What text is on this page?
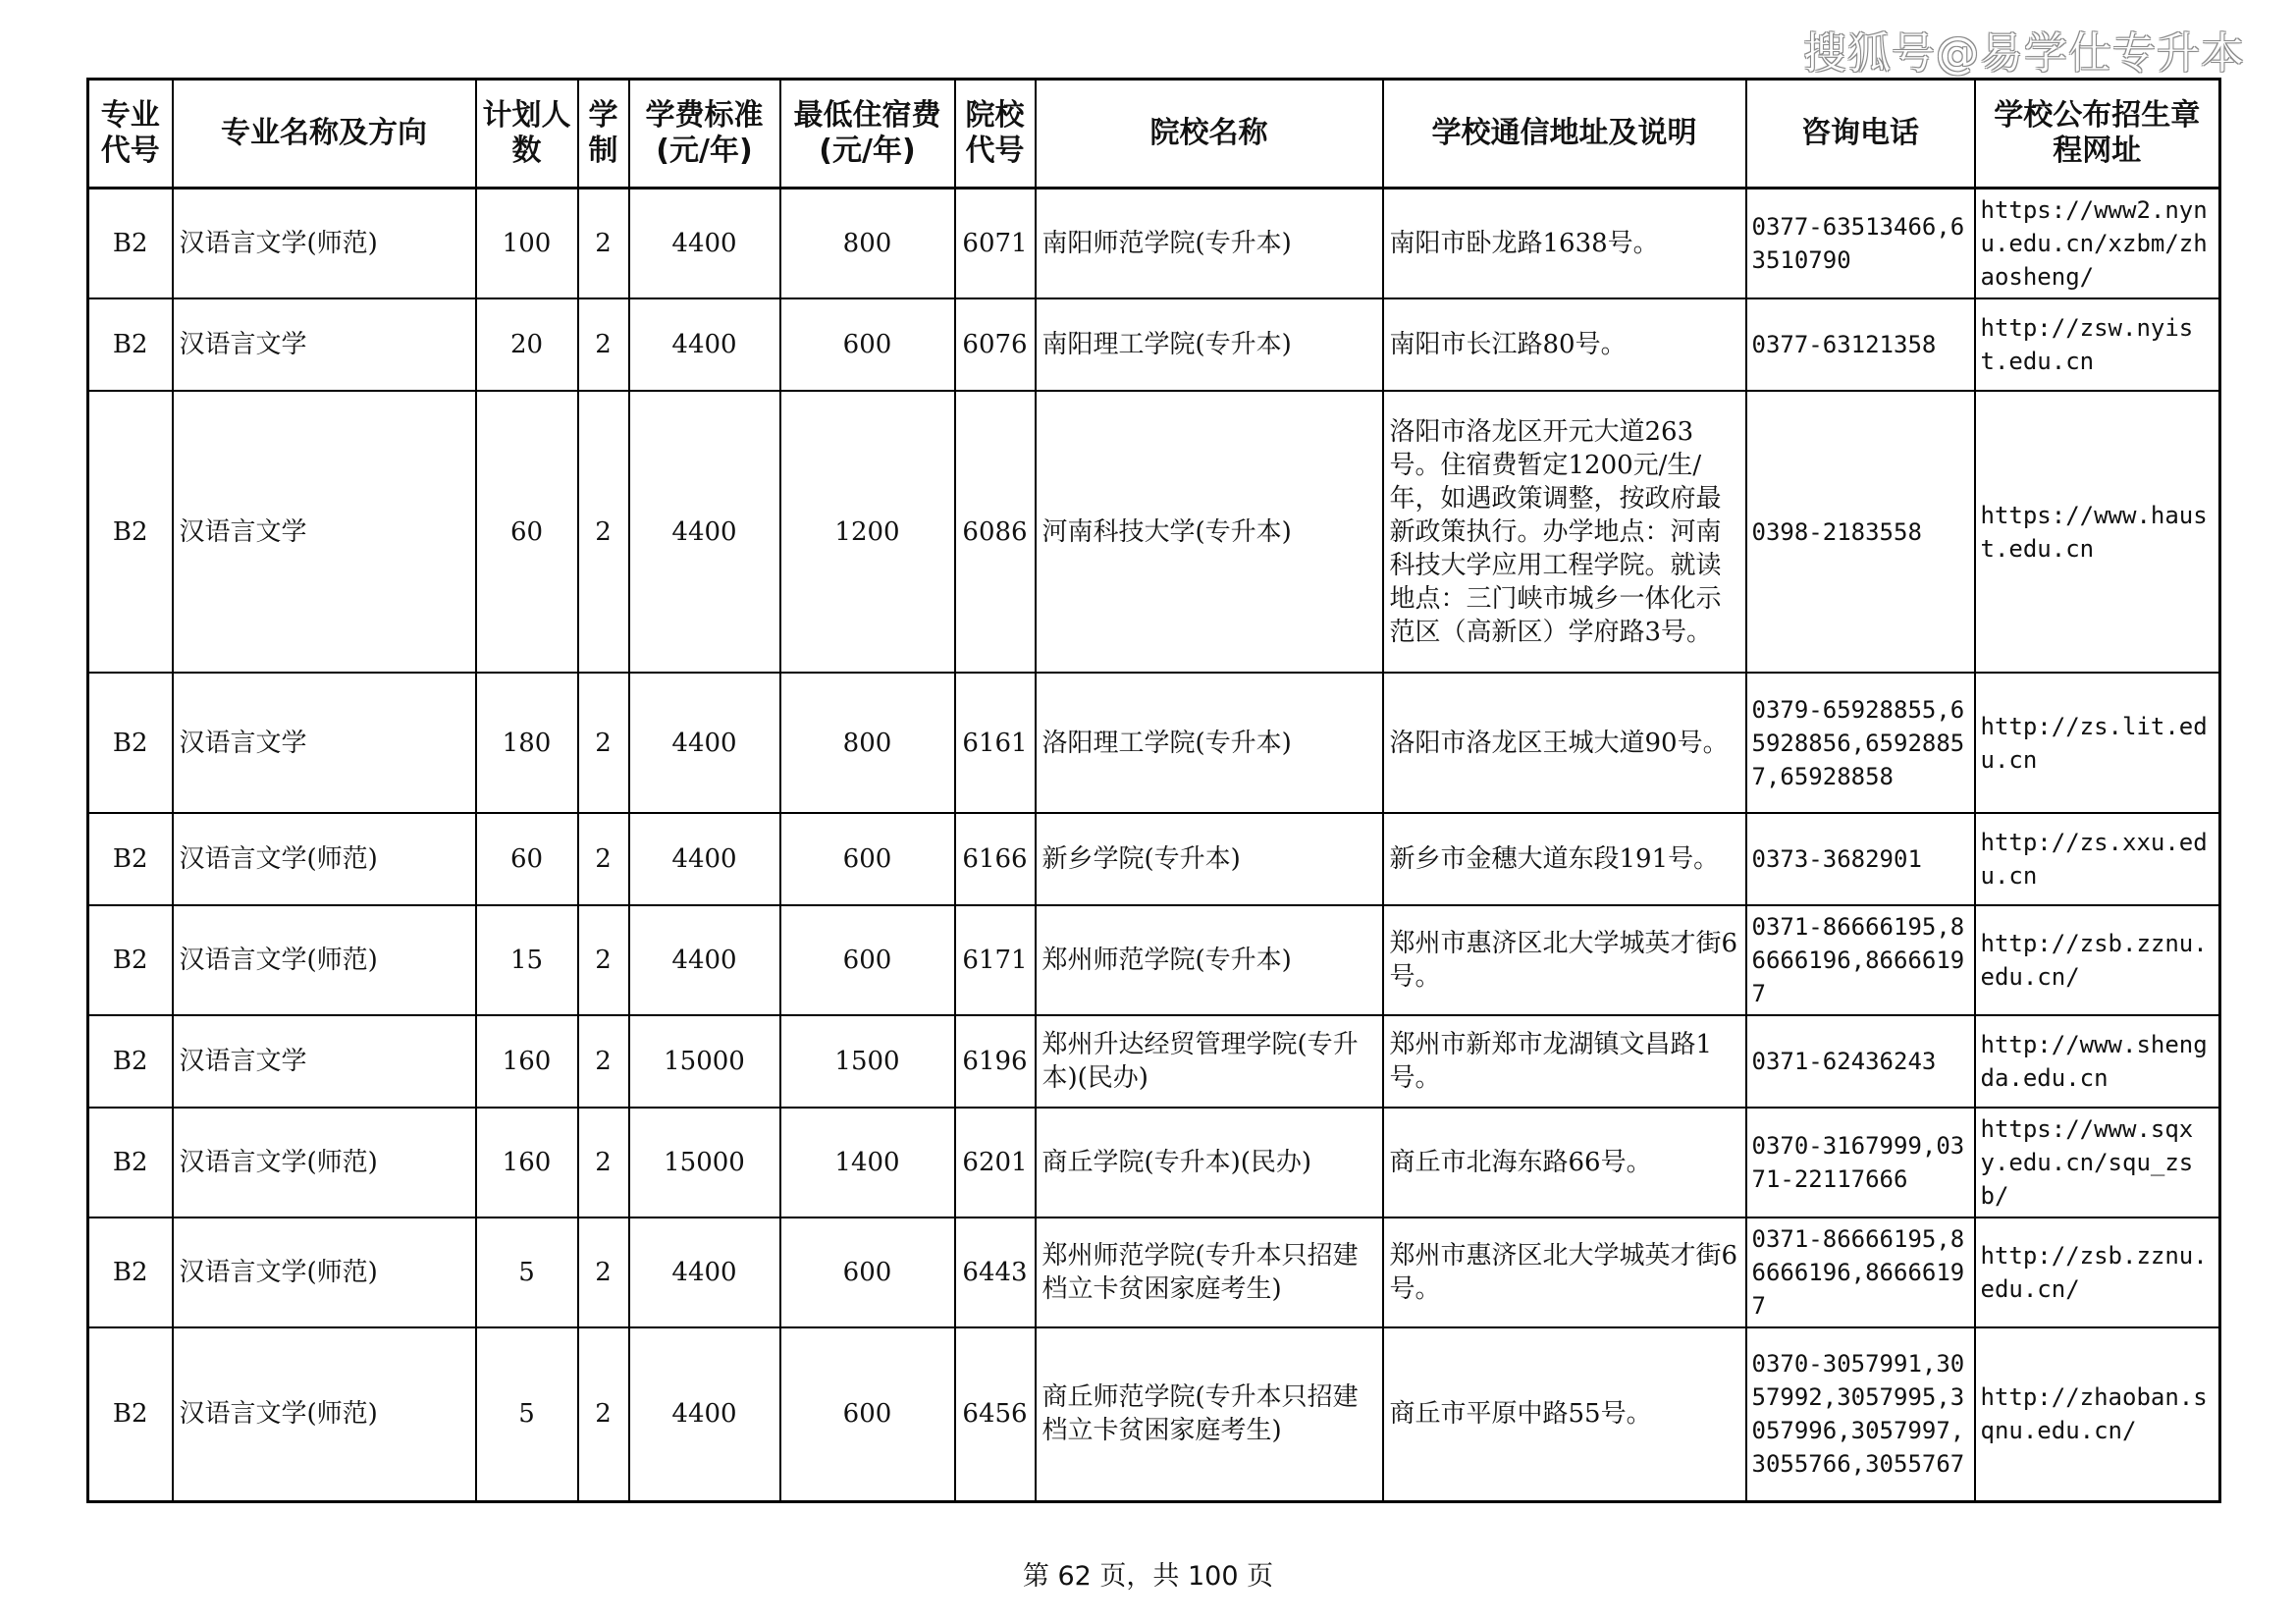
搜狐号@易学仕专升本
专业代号	专业名称及方向	计划人数	学制	学费标准(元/年)	最低住宿费(元/年)	院校代号	院校名称	学校通信地址及说明	咨询电话	学校公布招生章程网址
B2	汉语言文学(师范)	100	2	4400	800	6071	南阳师范学院(专升本)	南阳市卧龙路1638号。	0377-63513466,63510790	https://www2.nynu.edu.cn/xzbm/zhaosheng/
B2	汉语言文学	20	2	4400	600	6076	南阳理工学院(专升本)	南阳市长江路80号。	0377-63121358	http://zsw.nyist.edu.cn
B2	汉语言文学	60	2	4400	1200	6086	河南科技大学(专升本)	洛阳市洛龙区开元大道263号。住宿费暂定1200元/生/年，如遇政策调整，按政府最新政策执行。办学地点：河南科技大学应用工程学院。就读地点：三门峡市城乡一体化示范区（高新区）学府路3号。	0398-2183558	https://www.haust.edu.cn
B2	汉语言文学	180	2	4400	800	6161	洛阳理工学院(专升本)	洛阳市洛龙区王城大道90号。	0379-65928855,65928856,65928857,65928858	http://zs.lit.edu.cn
B2	汉语言文学(师范)	60	2	4400	600	6166	新乡学院(专升本)	新乡市金穗大道东段191号。	0373-3682901	http://zs.xxu.edu.cn
B2	汉语言文学(师范)	15	2	4400	600	6171	郑州师范学院(专升本)	郑州市惠济区北大学城英才街6号。	0371-86666195,86666196,86666197	http://zsb.zznu.edu.cn/
B2	汉语言文学	160	2	15000	1500	6196	郑州升达经贸管理学院(专升本)(民办)	郑州市新郑市龙湖镇文昌路1号。	0371-62436243	http://www.shengda.edu.cn
B2	汉语言文学(师范)	160	2	15000	1400	6201	商丘学院(专升本)(民办)	商丘市北海东路66号。	0370-3167999,0371-22117666	https://www.sqxy.edu.cn/squ_zsb/
B2	汉语言文学(师范)	5	2	4400	600	6443	郑州师范学院(专升本只招建档立卡贫困家庭考生)	郑州市惠济区北大学城英才街6号。	0371-86666195,86666196,86666197	http://zsb.zznu.edu.cn/
B2	汉语言文学(师范)	5	2	4400	600	6456	商丘师范学院(专升本只招建档立卡贫困家庭考生)	商丘市平原中路55号。	0370-3057991,3057992,3057995,3057996,3057997,3055766,3055767	http://zhaoban.sqnu.edu.cn/
第 62 页，共 100 页
